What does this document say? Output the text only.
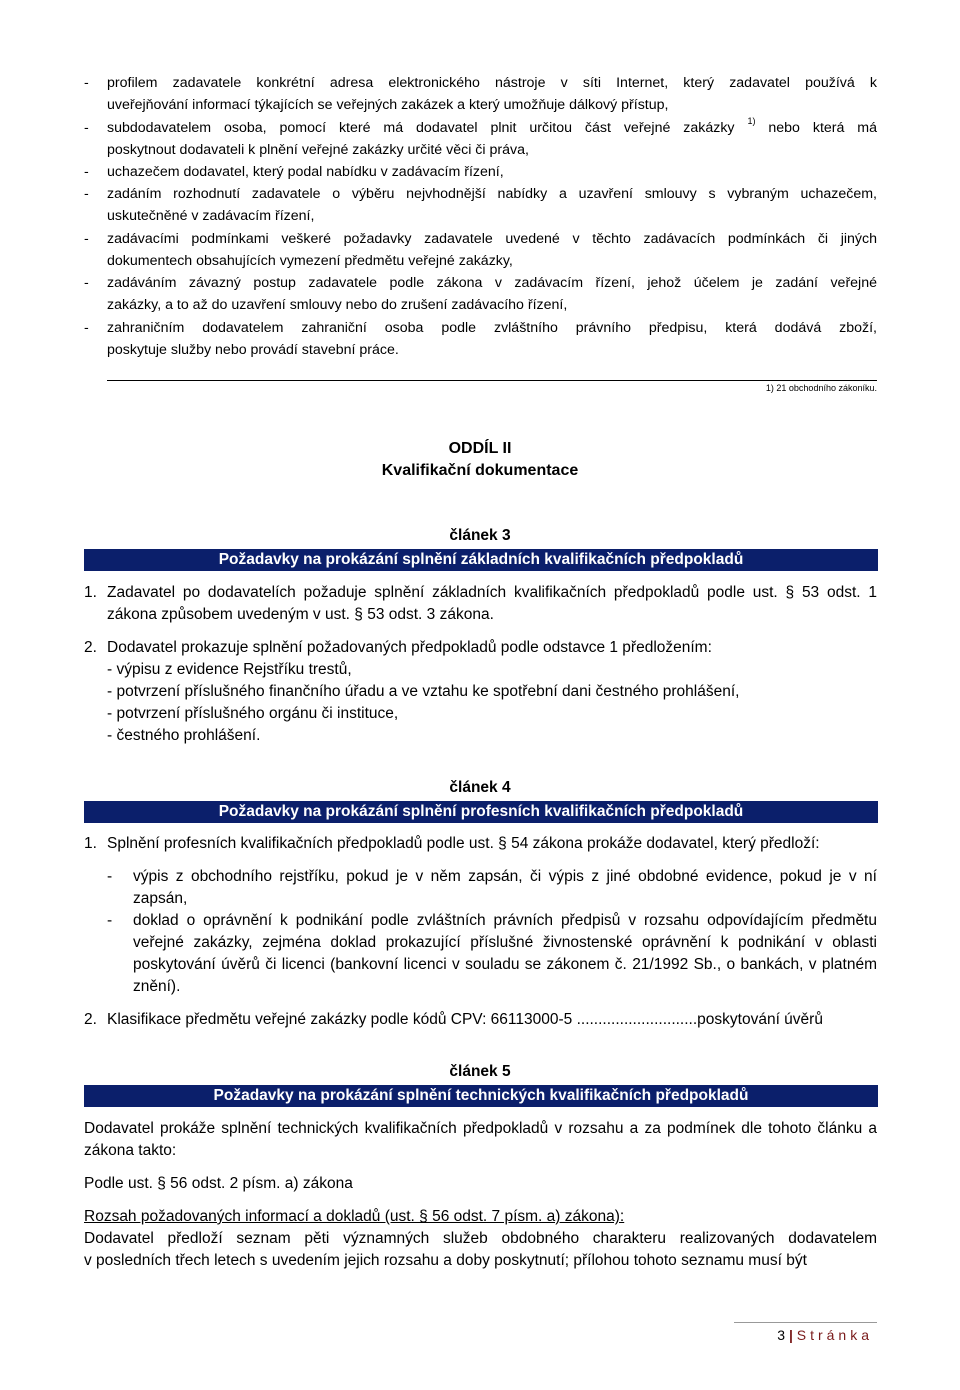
- profilem zadavatele konkrétní adresa elektronického nástroje v síti Internet, který zadavatel používá k
uveřejňování informací týkajících se veřejných zakázek a který umožňuje dálkový přístup,
- subdodavatelem osoba, pomocí které má dodavatel plnit určitou část veřejné zakázky $^{1)}$ nebo která má
poskytnout dodavateli k plnění veřejné zakázky určité věci či práva,
- uchazečem dodavatel, který podal nabídku v zadávacím řízení,
- zadáním rozhodnutí zadavatele o výběru nejvhodnější nabídky a uzavření smlouvy s vybraným uchazečem,
uskutečněné v zadávacím řízení,
- zadávacími podmínkami veškeré požadavky zadavatele uvedené v těchto zadávacích podmínkách či jiných
dokumentech obsahujících vymezení předmětu veřejné zakázky,
- zadáváním závazný postup zadavatele podle zákona v zadávacím řízení, jehož účelem je zadání veřejné
zakázky, a to až do uzavření smlouvy nebo do zrušení zadávacího řízení,
- zahraničním dodavatelem zahraniční osoba podle zvláštního právního předpisu, která dodává zboží,
poskytuje služby nebo provádí stavební práce.
1) 21 obchodního zákoníku.
ODDÍL II
Kvalifikační dokumentace
článek 3
Požadavky na prokázání splnění základních kvalifikačních předpokladů
1. Zadavatel po dodavatelích požaduje splnění základních kvalifikačních předpokladů podle ust. § 53 odst. 1
zákona způsobem uvedeným v ust. § 53 odst. 3 zákona.
2. Dodavatel prokazuje splnění požadovaných předpokladů podle odstavce 1 předložením:
- výpisu z evidence Rejstříku trestů,
- potvrzení příslušného finančního úřadu a ve vztahu ke spotřební dani čestného prohlášení,
- potvrzení příslušného orgánu či instituce,
- čestného prohlášení.
článek 4
Požadavky na prokázání splnění profesních kvalifikačních předpokladů
1. Splnění profesních kvalifikačních předpokladů podle ust. § 54 zákona prokáže dodavatel, který předloží:
- výpis z obchodního rejstříku, pokud je v něm zapsán, či výpis z jiné obdobné evidence, pokud je v ní
zapsán,
- doklad o oprávnění k podnikání podle zvláštních právních předpisů v rozsahu odpovídajícím předmětu
veřejné zakázky, zejména doklad prokazující příslušné živnostenské oprávnění k podnikání v oblasti
poskytování úvěrů či licenci (bankovní licenci v souladu se zákonem č. 21/1992 Sb., o bankách, v platném
znění).
2. Klasifikace předmětu veřejné zakázky podle kódů CPV: 66113000-5 ............................poskytování úvěrů
článek 5
Požadavky na prokázání splnění technických kvalifikačních předpokladů
Dodavatel prokáže splnění technických kvalifikačních předpokladů v rozsahu a za podmínek dle tohoto článku a
zákona takto:
Podle ust. § 56 odst. 2 písm. a) zákona
Rozsah požadovaných informací a dokladů (ust. § 56 odst. 7 písm. a) zákona):
Dodavatel předloží seznam pěti významných služeb obdobného charakteru realizovaných dodavatelem
v posledních třech letech s uvedením jejich rozsahu a doby poskytnutí; přílohou tohoto seznamu musí být
3 | Stránka
